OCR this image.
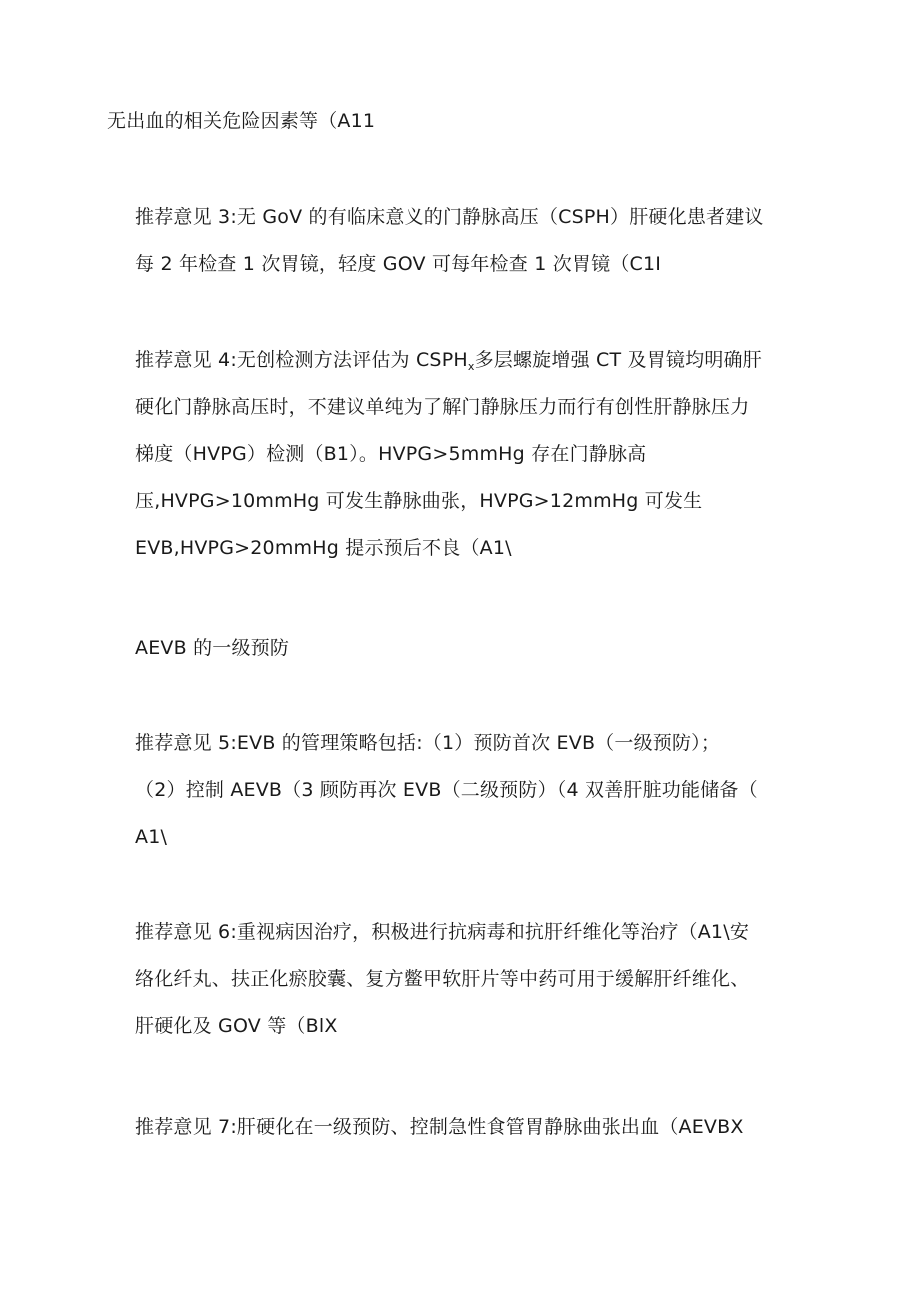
无出血的相关危险因素等（A11

推荐意见 3:无 GoV 的有临床意义的门静脉高压（CSPH）肝硬化患者建议
每 2 年检查 1 次胃镜，轻度 GOV 可每年检查 1 次胃镜（C1I

推荐意见 4:无创检测方法评估为 $CSPH_x$多层螺旋增强 CT 及胃镜均明确肝
硬化门静脉高压时，不建议单纯为了解门静脉压力而行有创性肝静脉压力
梯度（HVPG）检测（B1）。HVPG>5mmHg 存在门静脉高
压,HVPG>10mmHg 可发生静脉曲张，HVPG>12mmHg 可发生
EVB,HVPG>20mmHg 提示预后不良（A1\

AEVB 的一级预防

推荐意见 5:EVB 的管理策略包括:（1）预防首次 EVB（一级预防）；
（2）控制 AEVB（3 顾防再次 EVB（二级预防）（4 双善肝脏功能储备（
A1\

推荐意见 6:重视病因治疗，积极进行抗病毒和抗肝纤维化等治疗（A1\安
络化纤丸、扶正化瘀胶囊、复方鳖甲软肝片等中药可用于缓解肝纤维化、
肝硬化及 GOV 等（BlX

推荐意见 7:肝硬化在一级预防、控制急性食管胃静脉曲张出血（AEVBX
